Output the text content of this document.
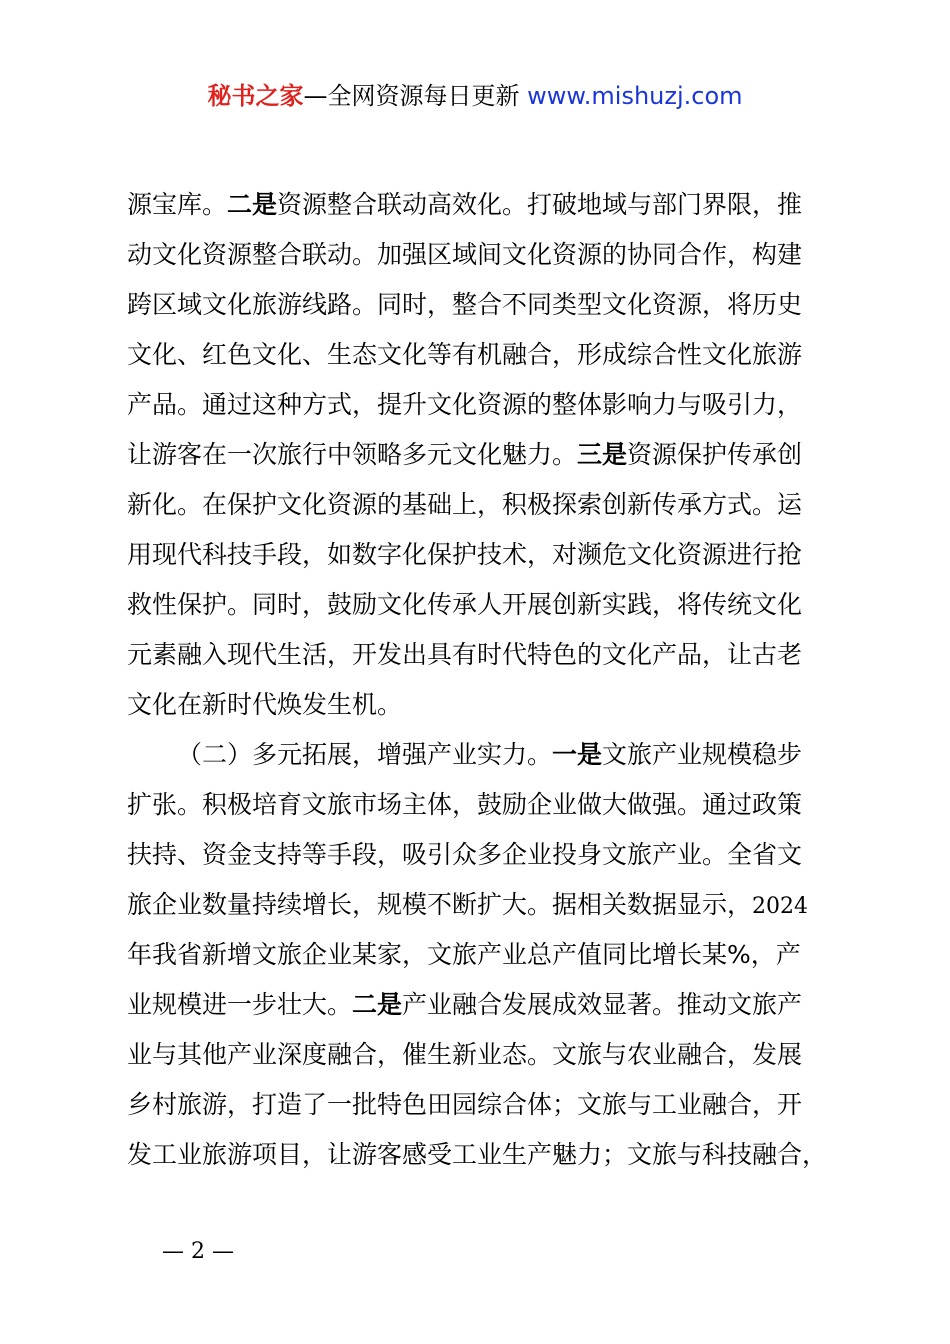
秘书之家—全网资源每日更新 www.mishuzj.com
源宝库。二是资源整合联动高效化。打破地域与部门界限，推
动文化资源整合联动。加强区域间文化资源的协同合作，构建
跨区域文化旅游线路。同时，整合不同类型文化资源，将历史
文化、红色文化、生态文化等有机融合，形成综合性文化旅游
产品。通过这种方式，提升文化资源的整体影响力与吸引力，
让游客在一次旅行中领略多元文化魅力。三是资源保护传承创
新化。在保护文化资源的基础上，积极探索创新传承方式。运
用现代科技手段，如数字化保护技术，对濒危文化资源进行抢
救性保护。同时，鼓励文化传承人开展创新实践，将传统文化
元素融入现代生活，开发出具有时代特色的文化产品，让古老
文化在新时代焕发生机。
（二）多元拓展，增强产业实力。一是文旅产业规模稳步
扩张。积极培育文旅市场主体，鼓励企业做大做强。通过政策
扶持、资金支持等手段，吸引众多企业投身文旅产业。全省文
旅企业数量持续增长，规模不断扩大。据相关数据显示，2024
年我省新增文旅企业某家，文旅产业总产值同比增长某%，产
业规模进一步壮大。二是产业融合发展成效显著。推动文旅产
业与其他产业深度融合，催生新业态。文旅与农业融合，发展
乡村旅游，打造了一批特色田园综合体；文旅与工业融合，开
发工业旅游项目，让游客感受工业生产魅力；文旅与科技融合，
— 2 —
